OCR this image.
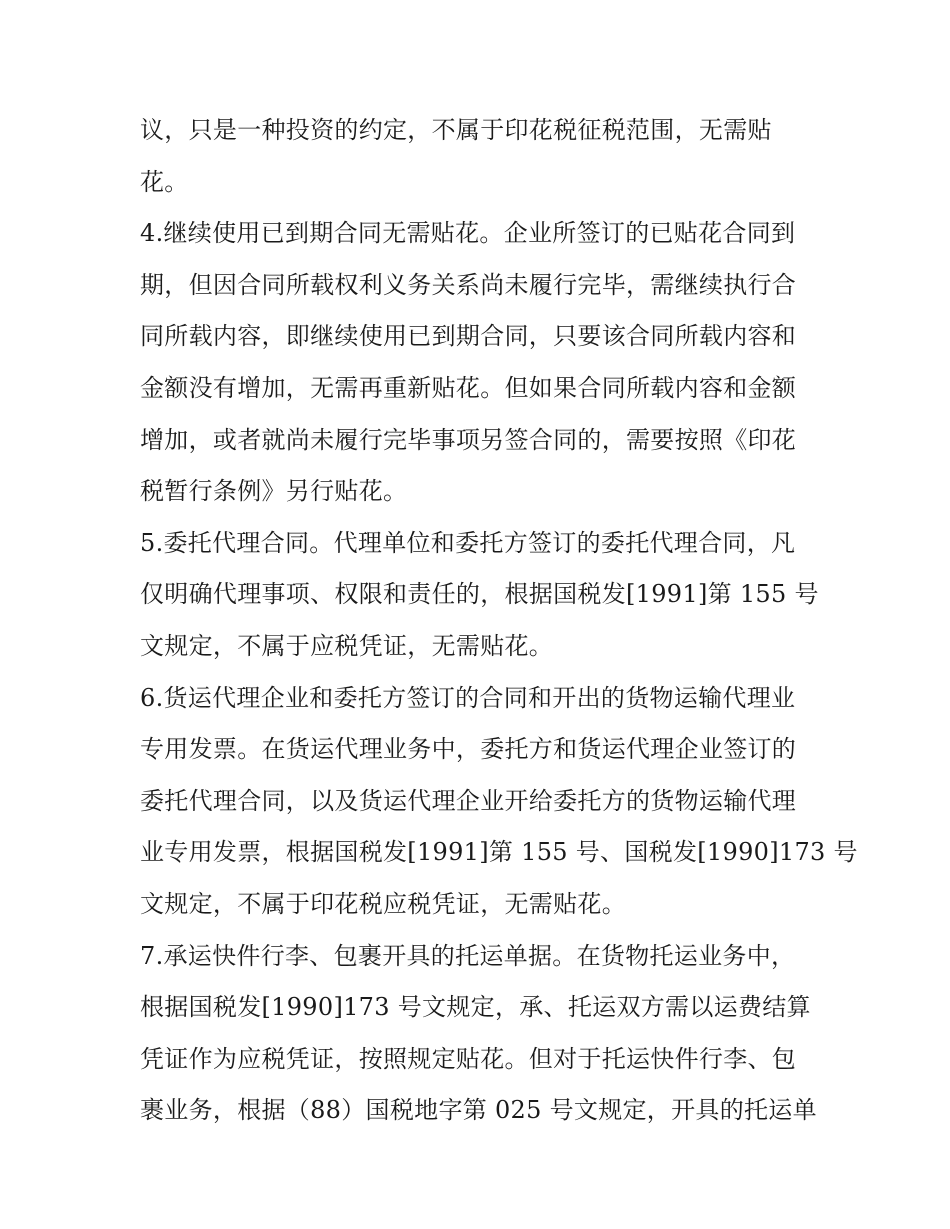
议，只是一种投资的约定，不属于印花税征税范围，无需贴
花。
4.继续使用已到期合同无需贴花。企业所签订的已贴花合同到
期，但因合同所载权利义务关系尚未履行完毕，需继续执行合
同所载内容，即继续使用已到期合同，只要该合同所载内容和
金额没有增加，无需再重新贴花。但如果合同所载内容和金额
增加，或者就尚未履行完毕事项另签合同的，需要按照《印花
税暂行条例》另行贴花。
5.委托代理合同。代理单位和委托方签订的委托代理合同，凡
仅明确代理事项、权限和责任的，根据国税发[1991]第 155 号
文规定，不属于应税凭证，无需贴花。
6.货运代理企业和委托方签订的合同和开出的货物运输代理业
专用发票。在货运代理业务中，委托方和货运代理企业签订的
委托代理合同，以及货运代理企业开给委托方的货物运输代理
业专用发票，根据国税发[1991]第 155 号、国税发[1990]173 号
文规定，不属于印花税应税凭证，无需贴花。
7.承运快件行李、包裹开具的托运单据。在货物托运业务中，
根据国税发[1990]173 号文规定，承、托运双方需以运费结算
凭证作为应税凭证，按照规定贴花。但对于托运快件行李、包
裹业务，根据（88）国税地字第 025 号文规定，开具的托运单
